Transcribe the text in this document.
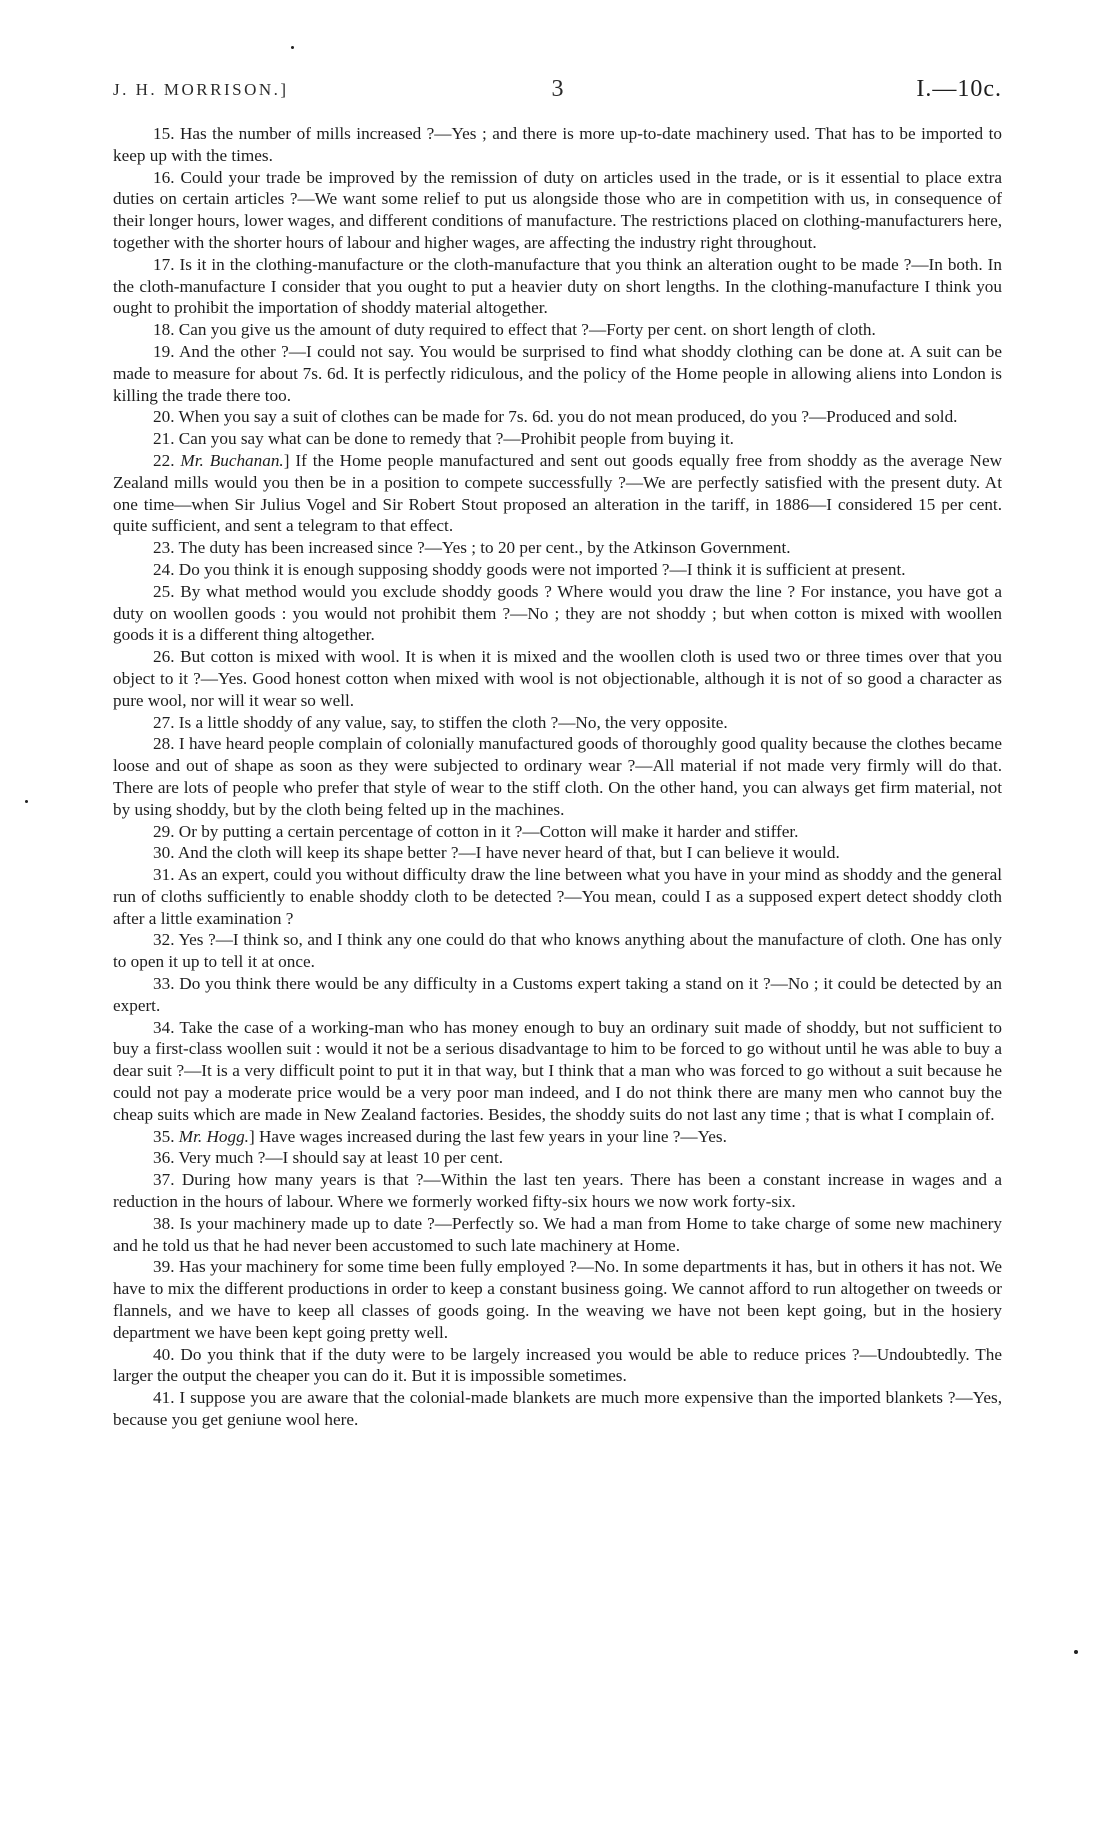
J. H. MORRISON.]	3	I.—10c.

15. Has the number of mills increased ?—Yes ; and there is more up-to-date machinery used. That has to be imported to keep up with the times.

16. Could your trade be improved by the remission of duty on articles used in the trade, or is it essential to place extra duties on certain articles ?—We want some relief to put us alongside those who are in competition with us, in consequence of their longer hours, lower wages, and different conditions of manufacture. The restrictions placed on clothing-manufacturers here, together with the shorter hours of labour and higher wages, are affecting the industry right throughout.

17. Is it in the clothing-manufacture or the cloth-manufacture that you think an alteration ought to be made ?—In both. In the cloth-manufacture I consider that you ought to put a heavier duty on short lengths. In the clothing-manufacture I think you ought to prohibit the importation of shoddy material altogether.

18. Can you give us the amount of duty required to effect that ?—Forty per cent. on short length of cloth.

19. And the other ?—I could not say. You would be surprised to find what shoddy clothing can be done at. A suit can be made to measure for about 7s. 6d. It is perfectly ridiculous, and the policy of the Home people in allowing aliens into London is killing the trade there too.

20. When you say a suit of clothes can be made for 7s. 6d. you do not mean produced, do you ?—Produced and sold.

21. Can you say what can be done to remedy that ?—Prohibit people from buying it.

22. Mr. Buchanan.] If the Home people manufactured and sent out goods equally free from shoddy as the average New Zealand mills would you then be in a position to compete successfully ?—We are perfectly satisfied with the present duty. At one time—when Sir Julius Vogel and Sir Robert Stout proposed an alteration in the tariff, in 1886—I considered 15 per cent. quite sufficient, and sent a telegram to that effect.

23. The duty has been increased since ?—Yes ; to 20 per cent., by the Atkinson Government.

24. Do you think it is enough supposing shoddy goods were not imported ?—I think it is sufficient at present.

25. By what method would you exclude shoddy goods ? Where would you draw the line ? For instance, you have got a duty on woollen goods : you would not prohibit them ?—No ; they are not shoddy ; but when cotton is mixed with woollen goods it is a different thing altogether.

26. But cotton is mixed with wool. It is when it is mixed and the woollen cloth is used two or three times over that you object to it ?—Yes. Good honest cotton when mixed with wool is not objectionable, although it is not of so good a character as pure wool, nor will it wear so well.

27. Is a little shoddy of any value, say, to stiffen the cloth ?—No, the very opposite.

28. I have heard people complain of colonially manufactured goods of thoroughly good quality because the clothes became loose and out of shape as soon as they were subjected to ordinary wear ?—All material if not made very firmly will do that. There are lots of people who prefer that style of wear to the stiff cloth. On the other hand, you can always get firm material, not by using shoddy, but by the cloth being felted up in the machines.

29. Or by putting a certain percentage of cotton in it ?—Cotton will make it harder and stiffer.

30. And the cloth will keep its shape better ?—I have never heard of that, but I can believe it would.

31. As an expert, could you without difficulty draw the line between what you have in your mind as shoddy and the general run of cloths sufficiently to enable shoddy cloth to be detected ?—You mean, could I as a supposed expert detect shoddy cloth after a little examination ?

32. Yes ?—I think so, and I think any one could do that who knows anything about the manufacture of cloth. One has only to open it up to tell it at once.

33. Do you think there would be any difficulty in a Customs expert taking a stand on it ?—No ; it could be detected by an expert.

34. Take the case of a working-man who has money enough to buy an ordinary suit made of shoddy, but not sufficient to buy a first-class woollen suit : would it not be a serious disadvantage to him to be forced to go without until he was able to buy a dear suit ?—It is a very difficult point to put it in that way, but I think that a man who was forced to go without a suit because he could not pay a moderate price would be a very poor man indeed, and I do not think there are many men who cannot buy the cheap suits which are made in New Zealand factories. Besides, the shoddy suits do not last any time ; that is what I complain of.

35. Mr. Hogg.] Have wages increased during the last few years in your line ?—Yes.

36. Very much ?—I should say at least 10 per cent.

37. During how many years is that ?—Within the last ten years. There has been a constant increase in wages and a reduction in the hours of labour. Where we formerly worked fifty-six hours we now work forty-six.

38. Is your machinery made up to date ?—Perfectly so. We had a man from Home to take charge of some new machinery and he told us that he had never been accustomed to such late machinery at Home.

39. Has your machinery for some time been fully employed ?—No. In some departments it has, but in others it has not. We have to mix the different productions in order to keep a constant business going. We cannot afford to run altogether on tweeds or flannels, and we have to keep all classes of goods going. In the weaving we have not been kept going, but in the hosiery department we have been kept going pretty well.

40. Do you think that if the duty were to be largely increased you would be able to reduce prices ?—Undoubtedly. The larger the output the cheaper you can do it. But it is impossible sometimes.

41. I suppose you are aware that the colonial-made blankets are much more expensive than the imported blankets ?—Yes, because you get geniune wool here.
